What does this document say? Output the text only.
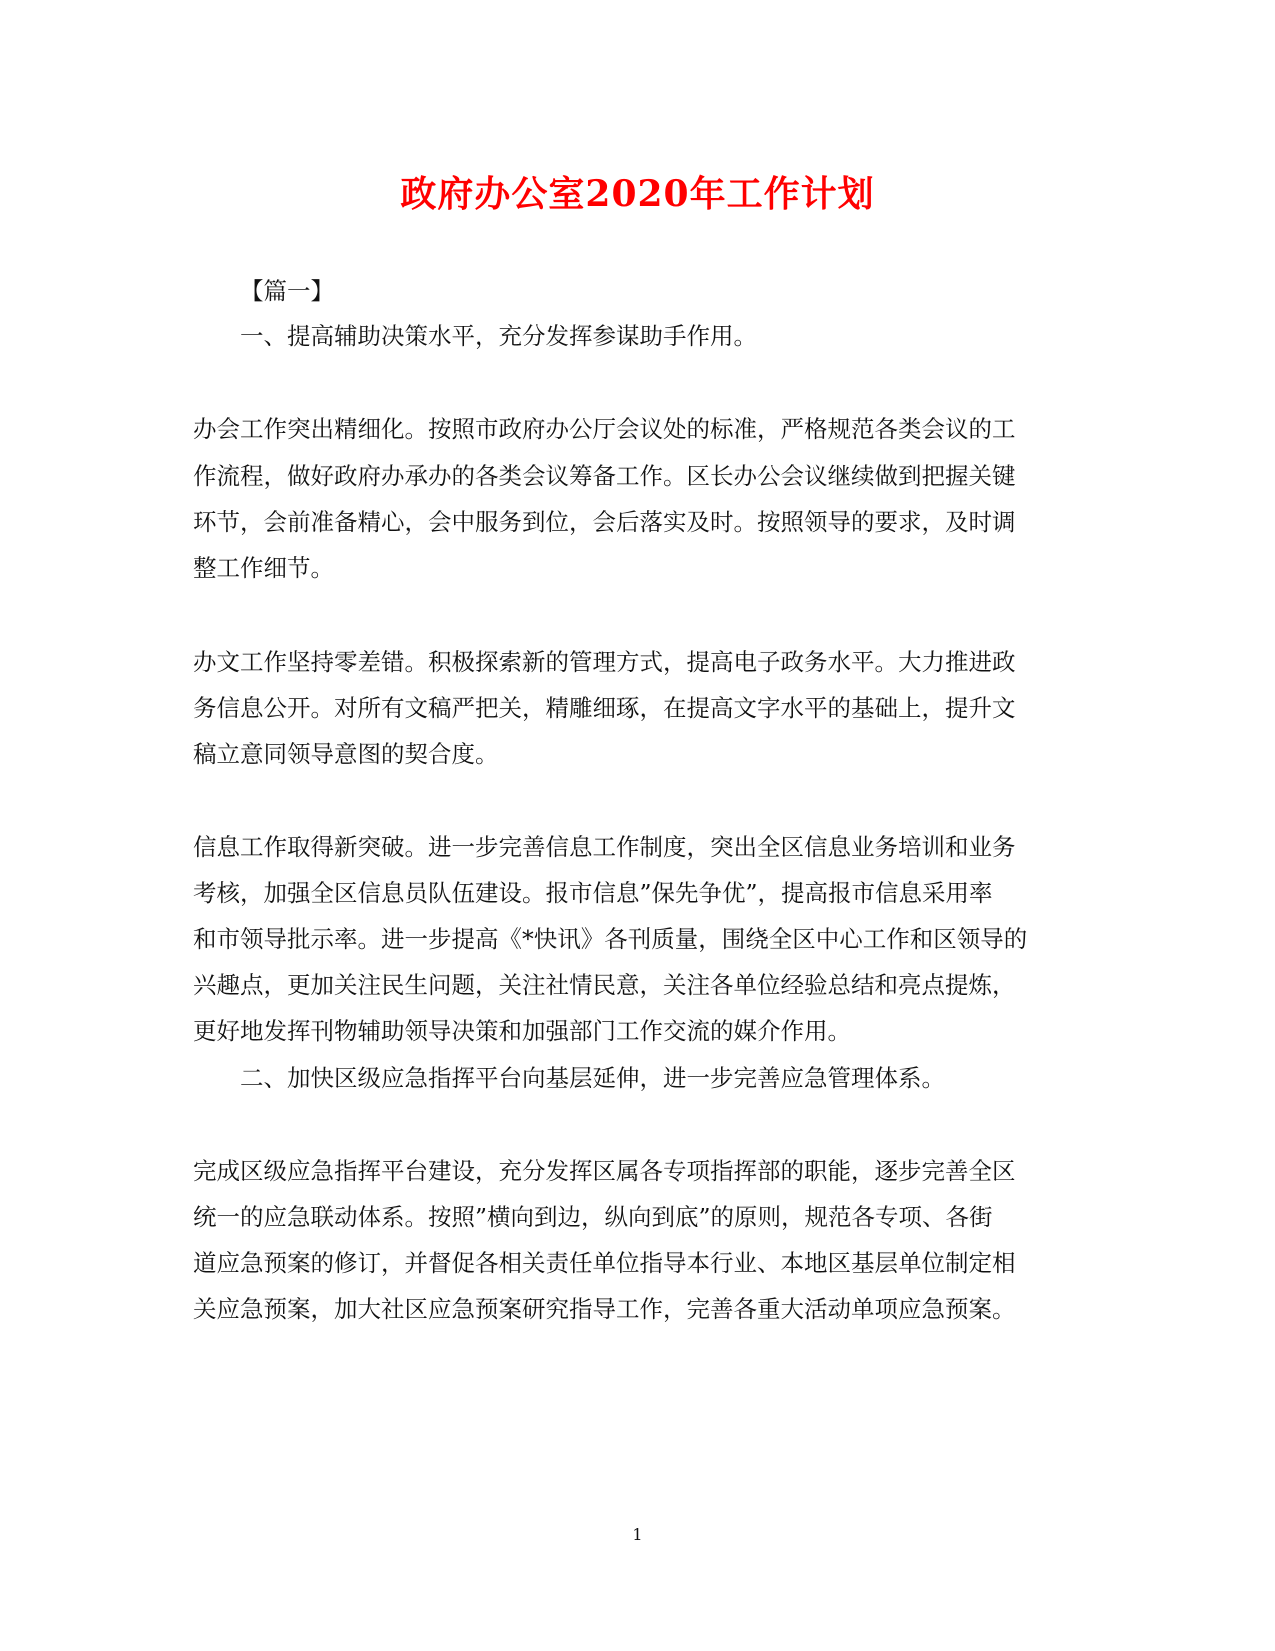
政府办公室2020年工作计划
【篇一】
一、提高辅助决策水平，充分发挥参谋助手作用。
办会工作突出精细化。按照市政府办公厅会议处的标准，严格规范各类会议的工
作流程，做好政府办承办的各类会议筹备工作。区长办公会议继续做到把握关键
环节，会前准备精心，会中服务到位，会后落实及时。按照领导的要求，及时调
整工作细节。
办文工作坚持零差错。积极探索新的管理方式，提高电子政务水平。大力推进政
务信息公开。对所有文稿严把关，精雕细琢，在提高文字水平的基础上，提升文
稿立意同领导意图的契合度。
信息工作取得新突破。进一步完善信息工作制度，突出全区信息业务培训和业务
考核，加强全区信息员队伍建设。报市信息”保先争优”，提高报市信息采用率
和市领导批示率。进一步提高《*快讯》各刊质量，围绕全区中心工作和区领导的
兴趣点，更加关注民生问题，关注社情民意，关注各单位经验总结和亮点提炼，
更好地发挥刊物辅助领导决策和加强部门工作交流的媒介作用。
二、加快区级应急指挥平台向基层延伸，进一步完善应急管理体系。
完成区级应急指挥平台建设，充分发挥区属各专项指挥部的职能，逐步完善全区
统一的应急联动体系。按照”横向到边，纵向到底”的原则，规范各专项、各街
道应急预案的修订，并督促各相关责任单位指导本行业、本地区基层单位制定相
关应急预案，加大社区应急预案研究指导工作，完善各重大活动单项应急预案。
1
